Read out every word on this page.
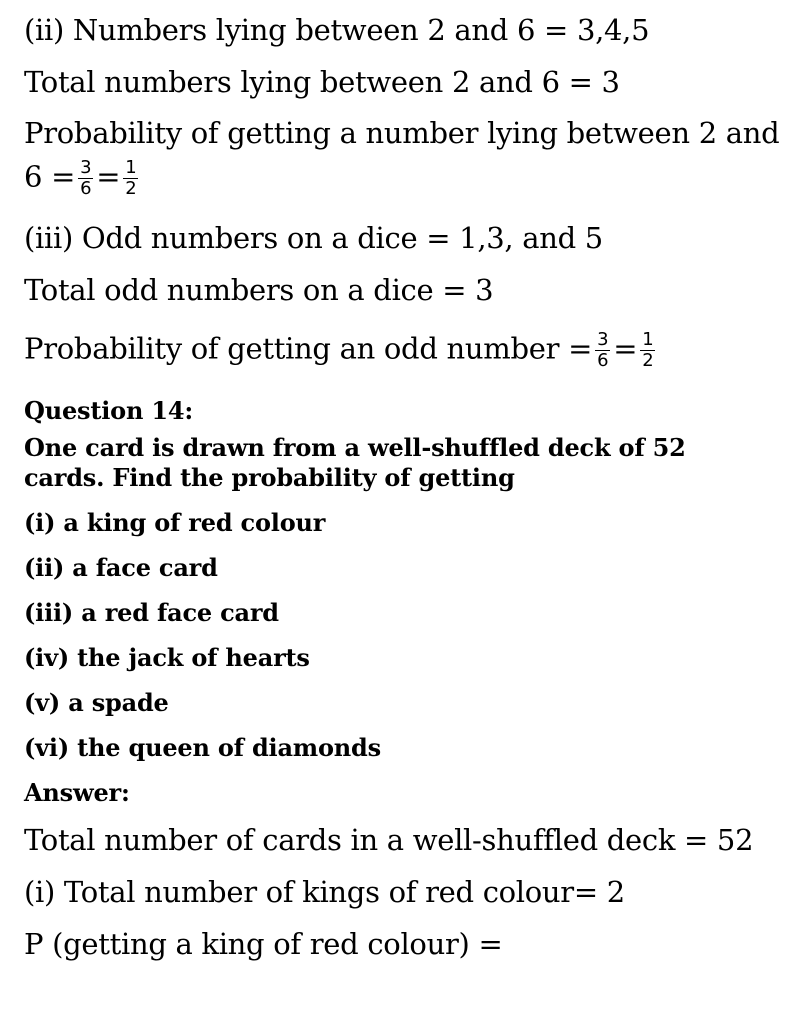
(ii) Numbers lying between 2 and 6 = 3,4,5
Total numbers lying between 2 and 6 = 3
Probability of getting a number lying between 2 and
$6 = \frac{3}{6} = \frac{1}{2}$
(iii) Odd numbers on a dice = 1,3, and 5
Total odd numbers on a dice = 3
Probability of getting an odd number = $\frac{3}{6} = \frac{1}{2}$
Question 14:
One card is drawn from a well-shuffled deck of 52
cards. Find the probability of getting
(i) a king of red colour
(ii) a face card
(iii) a red face card
(iv) the jack of hearts
(v) a spade
(vi) the queen of diamonds
Answer:
Total number of cards in a well-shuffled deck = 52
(i) Total number of kings of red colour= 2
P (getting a king of red colour) =
